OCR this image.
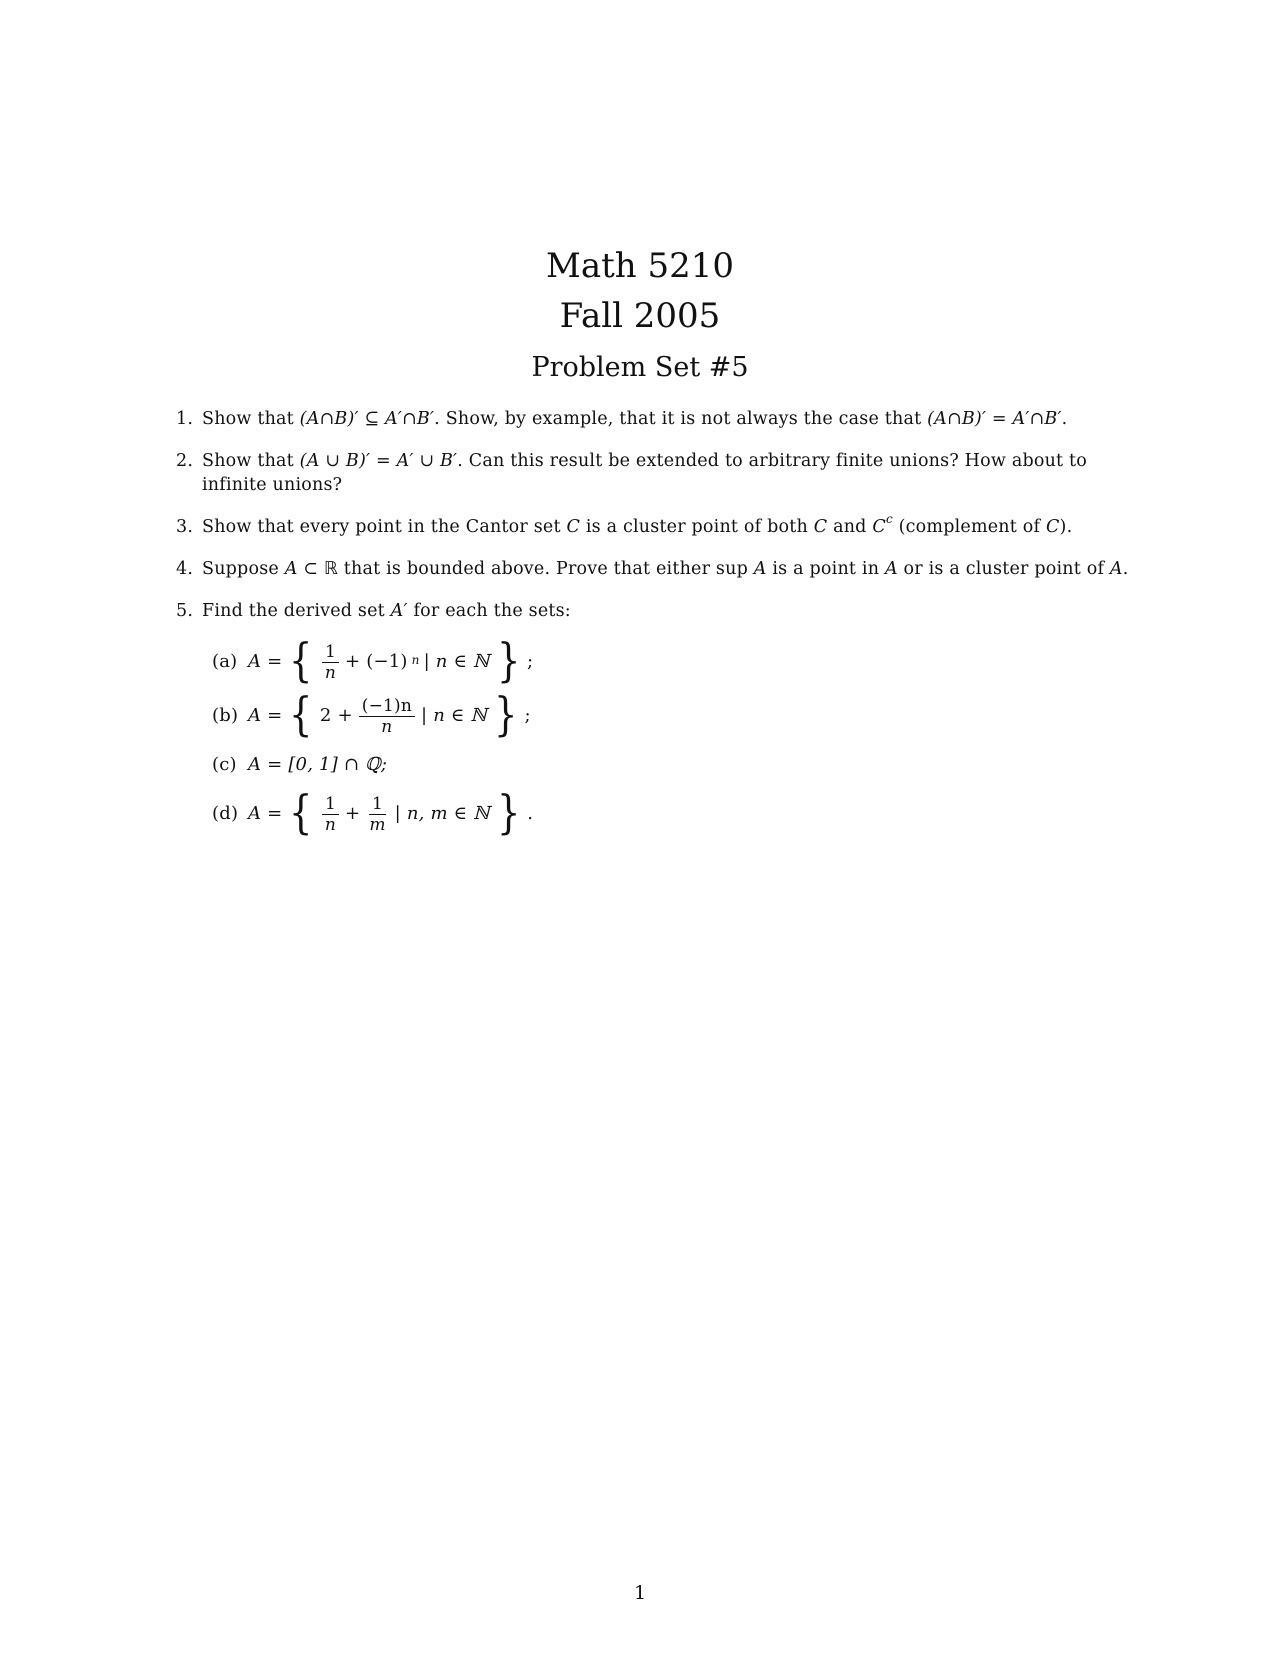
Math 5210
Fall 2005
Problem Set #5
1. Show that (A∩B)′ ⊆ A′∩B′. Show, by example, that it is not always the case that (A∩B)′ = A′∩B′.
2. Show that (A ∪ B)′ = A′ ∪ B′. Can this result be extended to arbitrary finite unions? How about to infinite unions?
3. Show that every point in the Cantor set C is a cluster point of both C and $C^c$ (complement of C).
4. Suppose A ⊂ ℝ that is bounded above. Prove that either sup A is a point in A or is a cluster point of A.
5. Find the derived set A′ for each the sets:
(a) A = { $\frac{1}{n} + (-1)$ $^n$ | n ∈ ℕ } ;
(b) A = { $2 + \frac{(-1)n}{n}$ | n ∈ ℕ } ;
(c) A = [0, 1] ∩ ℚ;
(d) A = { $\frac{1}{n} + \frac{1}{m}$ | n, m ∈ ℕ } .
1
